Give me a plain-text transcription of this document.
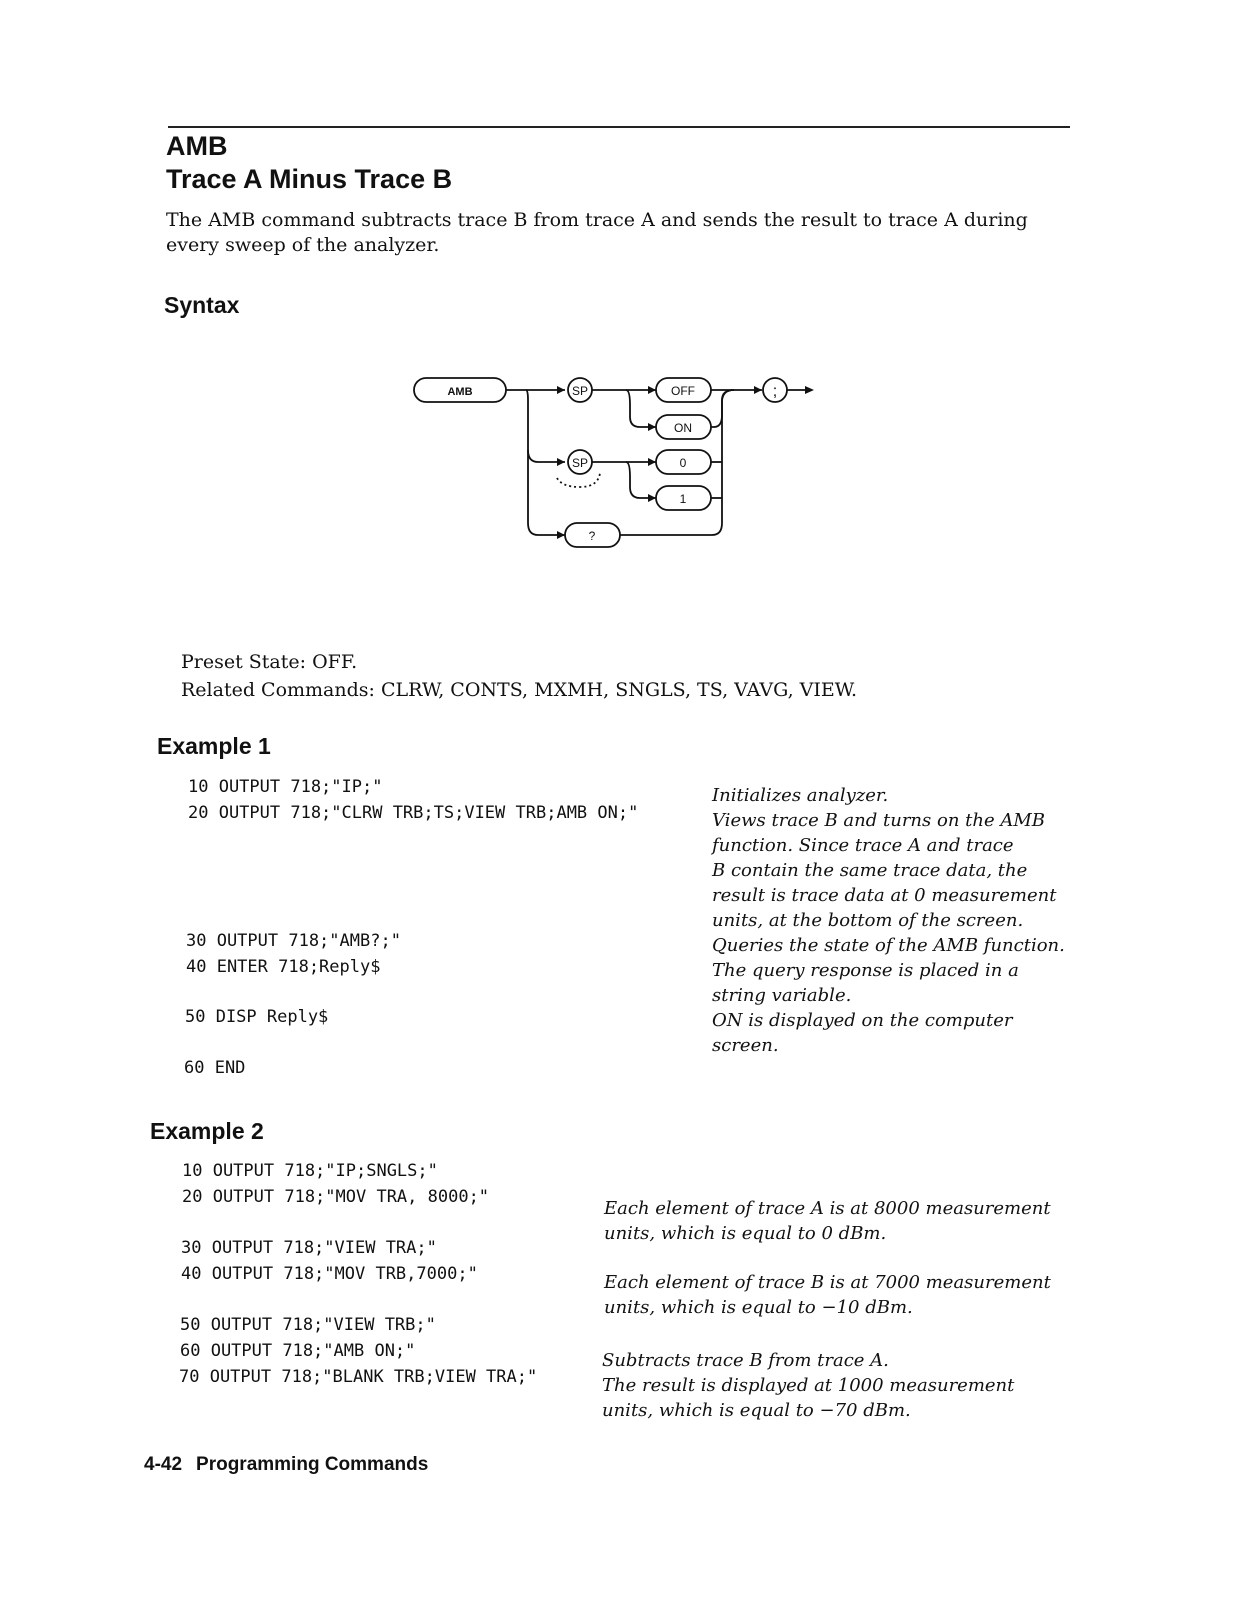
AMB
Trace A Minus Trace B

The AMB command subtracts trace B from trace A and sends the result to trace A during every sweep of the analyzer.

Syntax
AMB	SP
SP
OFF
ON
0
1
?
;

Preset State: OFF.

Related Commands: CLRW, CONTS, MXMH, SNGLS, TS, VAVG, VIEW.

Example 1

10 OUTPUT 718;"IP;"

20 OUTPUT 718;"CLRW TRB;TS;VIEW TRB;AMB ON;"

30 OUTPUT 718;"AMB?;"

40 ENTER 718;Reply$

50 DISP Reply$

60 END

Initializes analyzer.
Views trace B and turns on the AMB
function. Since trace A and trace
B contain the same trace data, the
result is trace data at 0 measurement
units, at the bottom of the screen.
Queries the state of the AMB function.
The query response is placed in a
string variable.
ON is displayed on the computer
screen.
Example 2

10 OUTPUT 718;"IP;SNGLS;"

20 OUTPUT 718;"MOV TRA, 8000;"

30 OUTPUT 718;"VIEW TRA;"

40 OUTPUT 718;"MOV TRB,7000;"

50 OUTPUT 718;"VIEW TRB;"

60 OUTPUT 718;"AMB ON;"

70 OUTPUT 718;"BLANK TRB;VIEW TRA;"

Each element of trace A is at 8000 measurement
units, which is equal to 0 dBm.
Each element of trace B is at 7000 measurement
units, which is equal to −10 dBm.
Subtracts trace B from trace A.
The result is displayed at 1000 measurement
units, which is equal to −70 dBm.

4-42 Programming Commands
